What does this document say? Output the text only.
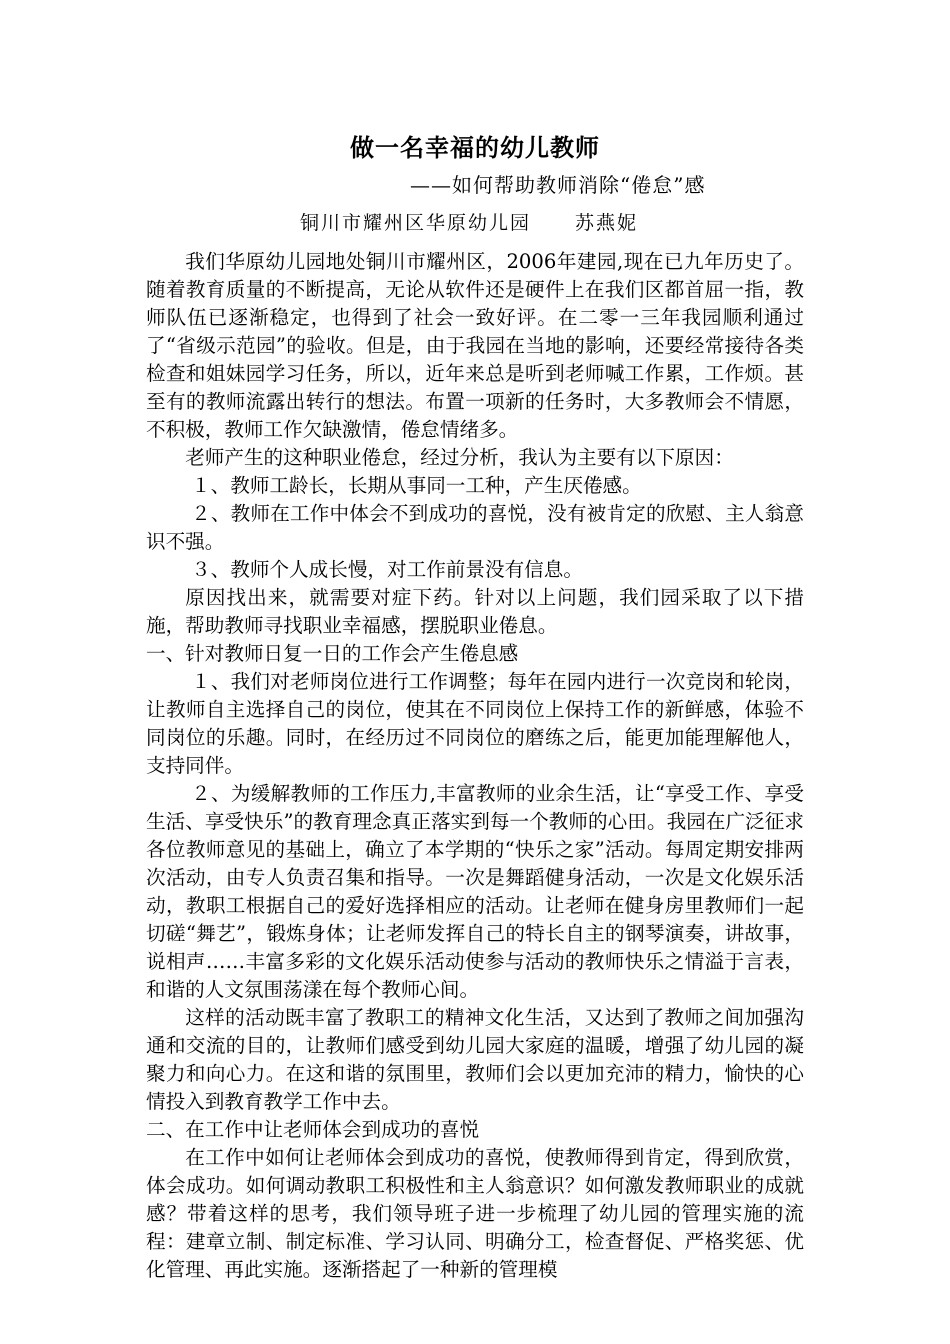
做一名幸福的幼儿教师
——如何帮助教师消除“倦怠”感
铜川市耀州区华原幼儿园 苏燕妮

我们华原幼儿园地处铜川市耀州区，2006年建园,现在已九年历史了。随着教育质量的不断提高，无论从软件还是硬件上在我们区都首屈一指，教师队伍已逐渐稳定，也得到了社会一致好评。在二零一三年我园顺利通过了“省级示范园”的验收。但是，由于我园在当地的影响，还要经常接待各类检查和姐妹园学习任务，所以，近年来总是听到老师喊工作累，工作烦。甚至有的教师流露出转行的想法。布置一项新的任务时，大多教师会不情愿，不积极，教师工作欠缺激情，倦怠情绪多。

老师产生的这种职业倦怠，经过分析，我认为主要有以下原因：

１、教师工龄长，长期从事同一工种，产生厌倦感。

２、教师在工作中体会不到成功的喜悦，没有被肯定的欣慰、主人翁意识不强。

３、教师个人成长慢，对工作前景没有信息。

原因找出来，就需要对症下药。针对以上问题，我们园采取了以下措施，帮助教师寻找职业幸福感，摆脱职业倦息。

一、针对教师日复一日的工作会产生倦息感

１、我们对老师岗位进行工作调整；每年在园内进行一次竞岗和轮岗，让教师自主选择自己的岗位，使其在不同岗位上保持工作的新鲜感，体验不同岗位的乐趣。同时，在经历过不同岗位的磨练之后，能更加能理解他人，支持同伴。

２、为缓解教师的工作压力,丰富教师的业余生活，让“享受工作、享受生活、享受快乐”的教育理念真正落实到每一个教师的心田。我园在广泛征求各位教师意见的基础上，确立了本学期的“快乐之家”活动。每周定期安排两次活动，由专人负责召集和指导。一次是舞蹈健身活动，一次是文化娱乐活动，教职工根据自己的爱好选择相应的活动。让老师在健身房里教师们一起切磋“舞艺”，锻炼身体；让老师发挥自己的特长自主的钢琴演奏，讲故事，说相声……丰富多彩的文化娱乐活动使参与活动的教师快乐之情溢于言表，和谐的人文氛围荡漾在每个教师心间。

这样的活动既丰富了教职工的精神文化生活，又达到了教师之间加强沟通和交流的目的，让教师们感受到幼儿园大家庭的温暖，增强了幼儿园的凝聚力和向心力。在这和谐的氛围里，教师们会以更加充沛的精力，愉快的心情投入到教育教学工作中去。

二、在工作中让老师体会到成功的喜悦

在工作中如何让老师体会到成功的喜悦，使教师得到肯定，得到欣赏，体会成功。如何调动教职工积极性和主人翁意识？如何激发教师职业的成就感？带着这样的思考，我们领导班子进一步梳理了幼儿园的管理实施的流程：建章立制、制定标准、学习认同、明确分工，检查督促、严格奖惩、优化管理、再此实施。逐渐搭起了一种新的管理模
